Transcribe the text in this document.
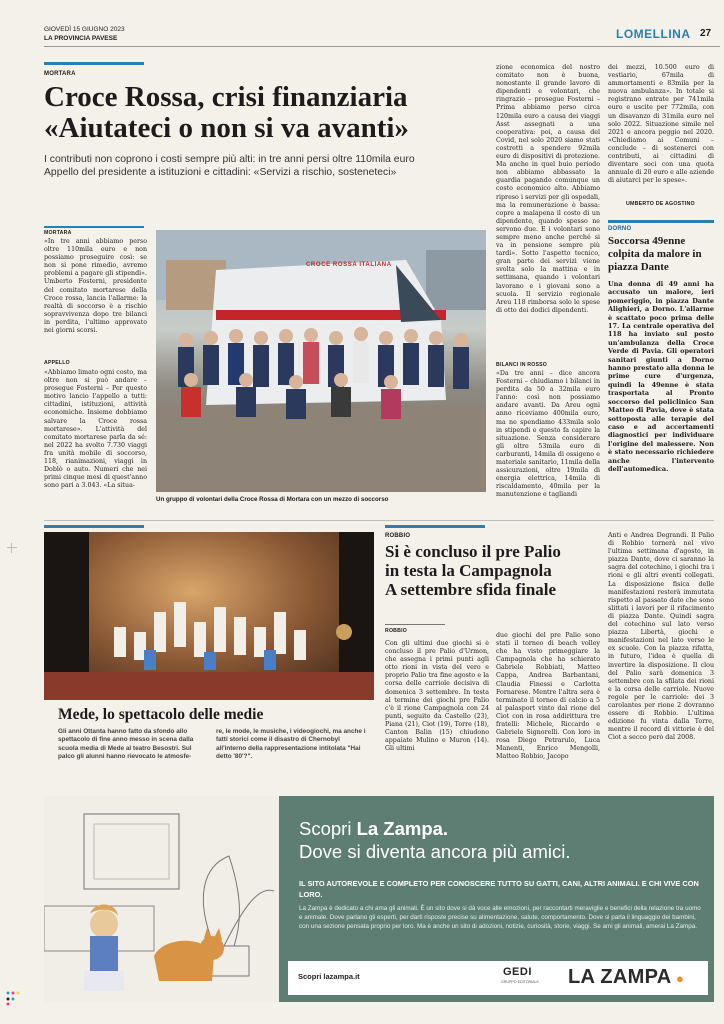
GIOVEDÌ 15 GIUGNO 2023
LA PROVINCIA PAVESE	LOMELLINA 27
MORTARA
Croce Rossa, crisi finanziaria
«Aiutateci o non si va avanti»
I contributi non coprono i costi sempre più alti: in tre anni persi oltre 110mila euro
Appello del presidente a istituzioni e cittadini: «Servizi a rischio, sosteneteci»
MORTARA
«In tre anni abbiamo perso oltre 110mila euro e non possiamo proseguire così: se non si pone rimedio, avremo problemi a pagare gli stipendi». Umberto Fosterni, presidente del comitato mortarese della Croce rossa, lancia l'allarme: la realtà di soccorso è a rischio sopravvivenza dopo tre bilanci in perdita, l'ultimo approvato nei giorni scorsi.
APPELLO
«Abbiamo limato ogni costo, ma oltre non si può andare – prosegue Fosterni – Per questo motivo lancio l'appello a tutti: cittadini, istituzioni, attività economiche. Insieme dobbiamo salvare la Croce rossa mortarese». L'attività del comitato mortarese parla da sé: nel 2022 ha svolto 7.730 viaggi fra unità mobile di soccorso, 118, rianimazioni, viaggi in Doblò o auto. Numeri che nei primi cinque mesi di quest'anno sono pari a 3.043. «La situa-
CROCE ROSSA ITALIANA
Un gruppo di volontari della Croce Rossa di Mortara con un mezzo di soccorso
zione economica del nostro comitato non è buona, nonostante il grande lavoro di dipendenti e volontari, che ringrazio – prosegue Fosterni – Prima abbiamo perso circa 120mila euro a causa dei viaggi Asst assegnati a una cooperativa: poi, a causa del Covid, nel solo 2020 siamo stati costretti a spendere 92mila euro di dispositivi di protezione. Ma anche in quel buio periodo non abbiamo abbassato la guardia pagando comunque un costo economico alto. Abbiamo ripreso i servizi per gli ospedali, ma la remunerazione è bassa: copre a malapena il costo di un dipendente, quando spesso ne servono due. E i volontari sono sempre meno anche perché si va in pensione sempre più tardi». Sotto l'aspetto tecnico, gran parte dei servizi viene svolta solo la mattina e in settimana, quando i volontari lavorano e i giovani sono a scuola. Il servizio regionale Areu 118 rimborsa solo le spese di otto dei dodici dipendenti.
BILANCI IN ROSSO
«Da tre anni – dice ancora Fosterni – chiudiamo i bilanci in perdita da 50 a 32mila euro l'anno: così non possiamo andare avanti. Da Areu ogni anno riceviamo 400mila euro, ma ne spendiamo 433mila solo in stipendi e questo fa capire la situazione. Senza considerare gli oltre 53mila euro di carburanti, 14mila di ossigeno e materiale sanitario, 11mila della assicurazioni, oltre 19mila di energia elettrica, 14mila di riscaldamento, 40mila per la manutenzione e tagliandi
dei mezzi, 10.500 euro di vestiario, 67mila di ammortamenti e 83mila per la nuova ambulanza». In totale si registrano entrate per 741mila euro e uscite per 772mila, con un disavanzo di 31mila euro nel solo 2022. Situazione simile nel 2021 e ancora peggio nel 2020. «Chiediamo ai Comuni – conclude – di sostenerci con contributi, ai cittadini di diventare soci con una quota annuale di 20 euro e alle aziende di aiutarci per le spese».
UMBERTO DE AGOSTINO
DORNO
Soccorsa 49enne colpita da malore in piazza Dante
Una donna di 49 anni ha accusato un malore, ieri pomeriggio, in piazza Dante Alighieri, a Dorno. L'allarme è scattato poco prima delle 17. La centrale operativa del 118 ha inviato sul posto un'ambulanza della Croce Verde di Pavia. Gli operatori sanitari giunti a Dorno hanno prestato alla donna le prime cure d'urgenza, quindi la 49enne è stata trasportata al Pronto soccorso del policlinico San Matteo di Pavia, dove è stata sottoposta alle terapie del caso e ad accertamenti diagnostici per individuare l'origine del malessere. Non è stato necessario richiedere anche l'intervento dell'automedica.
Mede, lo spettacolo delle medie
Gli anni Ottanta hanno fatto da sfondo allo spettacolo di fine anno messo in scena dalla scuola media di Mede al teatro Besostri. Sul palco gli alunni hanno rievocato le atmosfe-
re, le mode, le musiche, i videogiochi, ma anche i fatti storici come il disastro di Chernobyl all'interno della rappresentazione intitolata "Hai detto '80'?".
ROBBIO
Si è concluso il pre Palio
in testa la Campagnola
A settembre sfida finale
ROBBIO
Con gli ultimi due giochi si è concluso il pre Palio d'Urmon, che assegna i primi punti agli otto rioni in vista del vero e proprio Palio tra fine agosto e la corsa delle carriole decisiva di domenica 3 settembre. In testa al termine dei giochi pre Palio c'è il rione Campagnola con 24 punti, seguito da Castello (23), Piana (21), Ciot (19), Torre (18), Canton Balin (15) chiudono appaiate Mulino e Muron (14). Gli ultimi
due giochi del pre Palio sono stati il torneo di beach volley che ha visto primeggiare la Campagnola che ha schierato Gabriele Robbiati, Matteo Cappa, Andrea Barbantani, Claudia Finessi e Carlotta Fornarese. Mentre l'altra sera è terminato il torneo di calcio a 5 al palasport vinto dal rione del Ciot con in rosa addirittura tre fratelli: Michele, Riccardo e Gabriele Signorelli. Con loro in rosa Diego Petrarulo, Luca Manenti, Enrico Mengolli, Matteo Robbio, Jacopo
Anti e Andrea Degrandi. Il Palio di Robbio tornerà nel vivo l'ultima settimana d'agosto, in piazza Dante, dove ci saranno la sagra del cotechino, i giochi tra i rioni e gli altri eventi collegati. La disposizione fisica delle manifestazioni resterà immutata rispetto al passato dato che sono slittati i lavori per il rifacimento di piazza Dante. Quindi sagra del cotechino sul lato verso piazza Libertà, giochi e manifestazioni nel lato verso le ex scuole. Con la piazza rifatta, in futuro, l'idea è quella di invertire la disposizione. Il clou del Palio sarà domenica 3 settembre con la sfilata dei rioni e la corsa delle carriole. Nuove regole per le carriole: dei 3 carolantes per rione 2 dovranno essere di Robbio. L'ultima edizione fu vinta dalla Torre, mentre il record di vittorie è del Ciot a secco però dal 2008.
Scopri La Zampa.
Dove si diventa ancora più amici.
IL SITO AUTOREVOLE E COMPLETO PER CONOSCERE TUTTO SU GATTI, CANI, ALTRI ANIMALI. E CHI VIVE CON LORO.
La Zampa è dedicato a chi ama gli animali. È un sito dove si dà voce alle emozioni, per raccontarti meraviglie e benefici della relazione tra uomo e animale. Dove parlano gli esperti, per darti risposte precise su alimentazione, salute, comportamento. Dove si parla il linguaggio dei bambini, con una sezione pensata proprio per loro. Ma è anche un sito di adozioni, notizie, curiosità, storie, viaggi. Se ami gli animali, amerai La Zampa.
Scopri lazampa.it	GEDI
GRUPPO EDITORIALE LA ZAMPA ●
